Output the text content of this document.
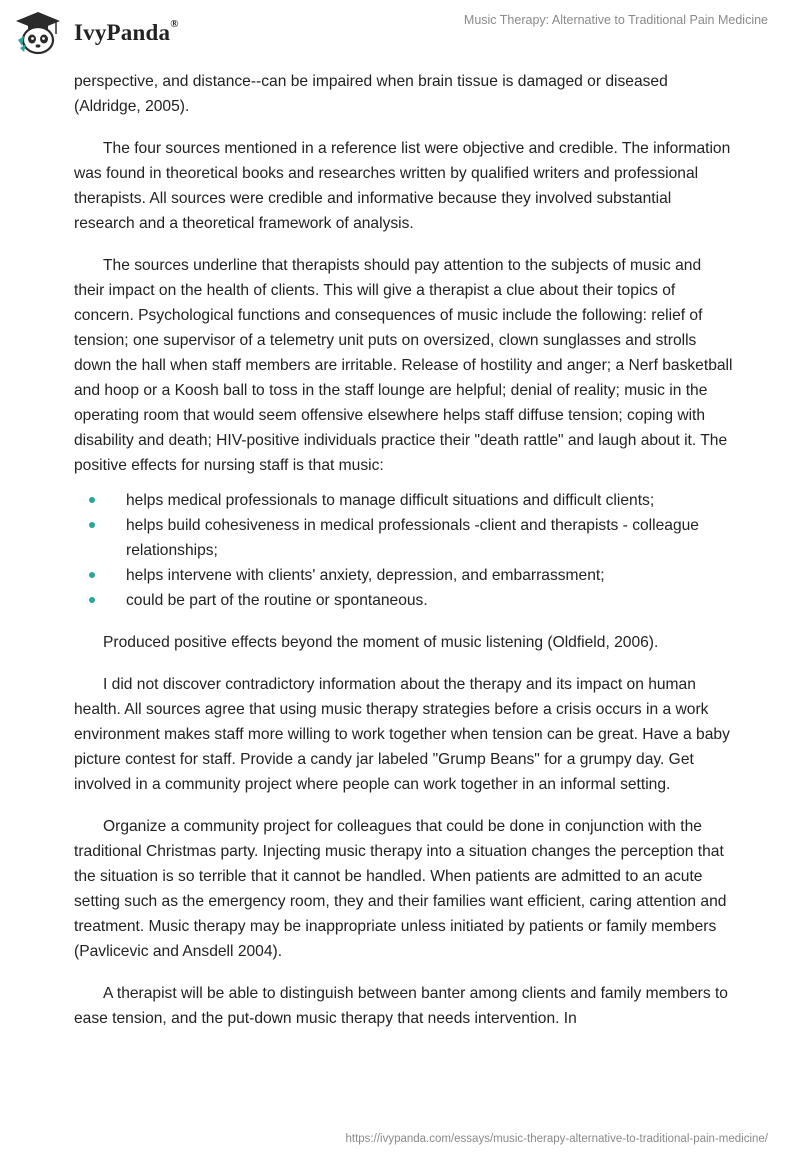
IvyPanda®	Music Therapy: Alternative to Traditional Pain Medicine

perspective, and distance--can be impaired when brain tissue is damaged or diseased (Aldridge, 2005).

The four sources mentioned in a reference list were objective and credible. The information was found in theoretical books and researches written by qualified writers and professional therapists. All sources were credible and informative because they involved substantial research and a theoretical framework of analysis.

The sources underline that therapists should pay attention to the subjects of music and their impact on the health of clients. This will give a therapist a clue about their topics of concern. Psychological functions and consequences of music include the following: relief of tension; one supervisor of a telemetry unit puts on oversized, clown sunglasses and strolls down the hall when staff members are irritable. Release of hostility and anger; a Nerf basketball and hoop or a Koosh ball to toss in the staff lounge are helpful; denial of reality; music in the operating room that would seem offensive elsewhere helps staff diffuse tension; coping with disability and death; HIV-positive individuals practice their "death rattle" and laugh about it. The positive effects for nursing staff is that music:

helps medical professionals to manage difficult situations and difficult clients;
helps build cohesiveness in medical professionals -client and therapists - colleague relationships;
helps intervene with clients' anxiety, depression, and embarrassment;
could be part of the routine or spontaneous.

Produced positive effects beyond the moment of music listening (Oldfield, 2006).

I did not discover contradictory information about the therapy and its impact on human health. All sources agree that using music therapy strategies before a crisis occurs in a work environment makes staff more willing to work together when tension can be great. Have a baby picture contest for staff. Provide a candy jar labeled "Grump Beans" for a grumpy day. Get involved in a community project where people can work together in an informal setting.

Organize a community project for colleagues that could be done in conjunction with the traditional Christmas party. Injecting music therapy into a situation changes the perception that the situation is so terrible that it cannot be handled. When patients are admitted to an acute setting such as the emergency room, they and their families want efficient, caring attention and treatment. Music therapy may be inappropriate unless initiated by patients or family members (Pavlicevic and Ansdell 2004).

A therapist will be able to distinguish between banter among clients and family members to ease tension, and the put-down music therapy that needs intervention. In

https://ivypanda.com/essays/music-therapy-alternative-to-traditional-pain-medicine/
